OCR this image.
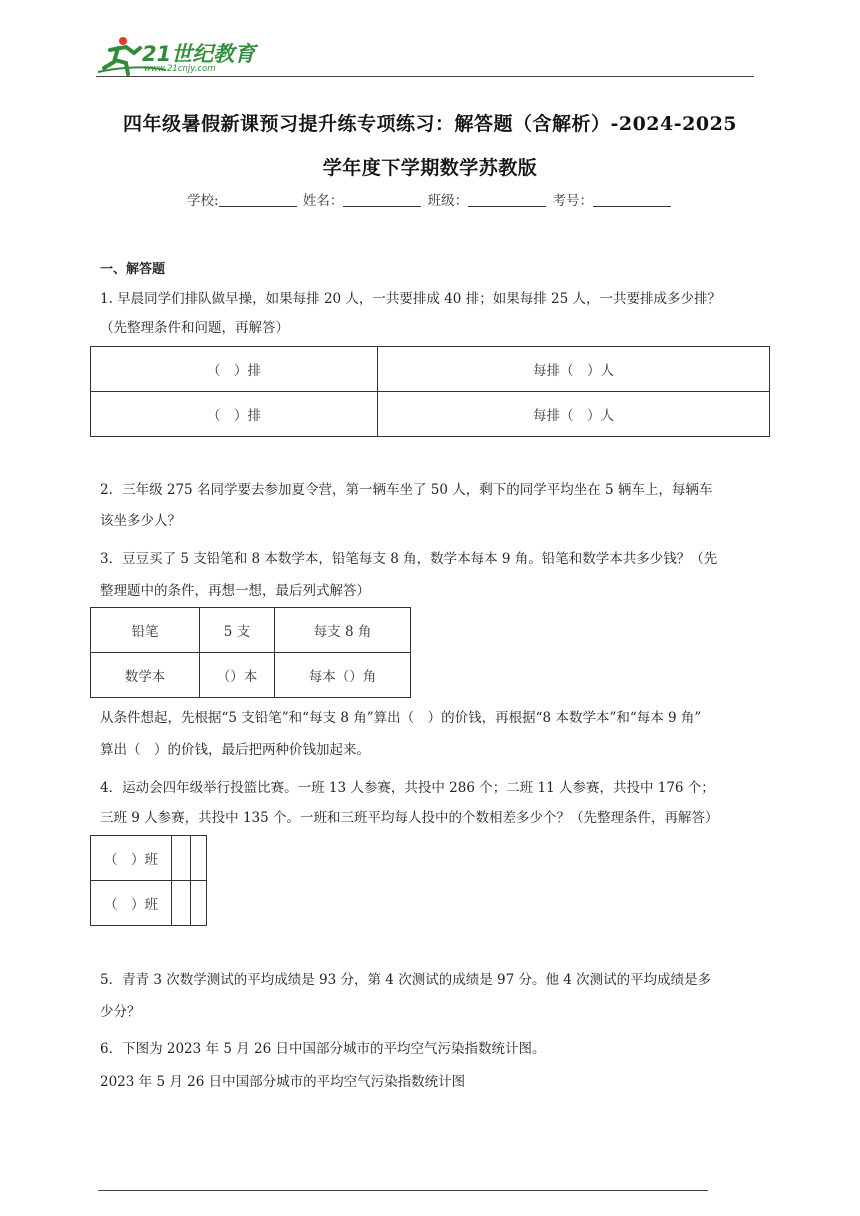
21世纪教育
www.21cnjy.com
四年级暑假新课预习提升练专项练习：解答题（含解析）-2024-2025
学年度下学期数学苏教版
学校:	姓名：	班级：	考号：
一、解答题
1. 早晨同学们排队做早操，如果每排 20 人，一共要排成 40 排；如果每排 25 人，一共要排成多少排？
（先整理条件和问题，再解答）
（　）排	每排（　）人
（　）排	每排（　）人
2．三年级 275 名同学要去参加夏令营，第一辆车坐了 50 人，剩下的同学平均坐在 5 辆车上，每辆车
该坐多少人？
3．豆豆买了 5 支铅笔和 8 本数学本，铅笔每支 8 角，数学本每本 9 角。铅笔和数学本共多少钱？（先
整理题中的条件，再想一想，最后列式解答）
铅笔	5 支	每支 8 角
数学本	（）本	每本（）角
从条件想起，先根据“5 支铅笔”和“每支 8 角”算出（　）的价钱，再根据“8 本数学本”和“每本 9 角”
算出（　）的价钱，最后把两种价钱加起来。
4．运动会四年级举行投篮比赛。一班 13 人参赛，共投中 286 个；二班 11 人参赛，共投中 176 个；
三班 9 人参赛，共投中 135 个。一班和三班平均每人投中的个数相差多少个？（先整理条件，再解答）
（　）班		
（　）班		
5．青青 3 次数学测试的平均成绩是 93 分，第 4 次测试的成绩是 97 分。他 4 次测试的平均成绩是多
少分？
6．下图为 2023 年 5 月 26 日中国部分城市的平均空气污染指数统计图。
2023 年 5 月 26 日中国部分城市的平均空气污染指数统计图
